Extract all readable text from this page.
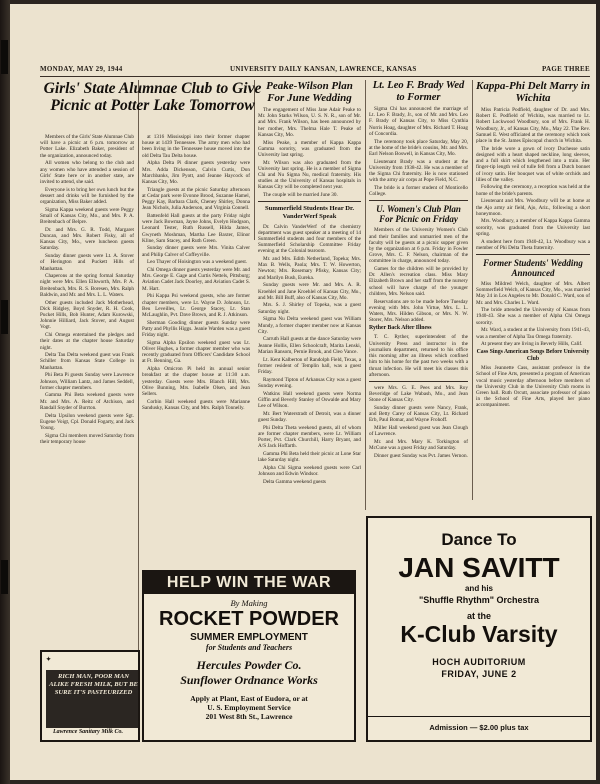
MONDAY, MAY 29, 1944	UNIVERSITY DAILY KANSAN, LAWRENCE, KANSAS	PAGE THREE
Girls' State Alumnae Club to Give Picnic at Potter Lake Tomorrow

Members of the Girls' State Alumnae Club will have a picnic at 6 p.m. tomorrow at Potter Lake. Elizabeth Baker, president of the organization, announced today.

All women who belong to the club and any women who have attended a session of Girls' State here or in another state, are invited to attend, she said.

Everyone is to bring her own lunch but the dessert and drinks will be furnished by the organization, Miss Baker added.

Sigma Kappa weekend guests were Peggy Small of Kansas City, Mo., and Mrs. P. A. Breitenbach of Belpre.

Dr. and Mrs. G. R. Todd, Margaret Duncan, and Mrs. Robert Fisky, all of Kansas City, Mo., were luncheon guests Saturday.

Sunday dinner guests were Lt. A. Stover of Herington and Puckett Hills of Manhattan.

Chaperons at the spring formal Saturday night were Mrs. Ellen Ellsworth, Mrs. P. A. Breitenbach, Mrs. R. S. Boresen, Mrs. Ralph Baldwin, and Mr. and Mrs. L. L. Waters.

Other guests included Jack Motherhead, Dick Ridgley, Boyd Snyder, R. H. Cook, Pucket Hills, Bob Hunter, Adam Kurowski, Johnnie Hilliard, Jack Stover, and August Vogt.

Chi Omega entertained the pledges and their dates at the chapter house Saturday night.

Delta Tau Delta weekend guest was Frank Schiller from Kansas State College in Manhattan.

Phi Beta Pi guests Sunday were Lawrence Johnson, William Lantz, and James Seddell, former chapter members.

Gamma Phi Beta weekend guests were Mr. and Mrs. A. Reitz of Atchison, and Randall Snyder of Burrton.

Delta Upsilon weekend guests were Sgt. Eugene Voigt, Cpl. Donald Fogarty, and Jack Young.

Sigma Chi members moved Saturday from their temporary house

at 1316 Mississippi into their former chapter house at 1439 Tennessee. The army men who had been living in the Tennessee house moved into the old Delta Tau Delta house.

Alpha Delta Pi dinner guests yesterday were Mrs. Adda Dickenson, Calvin Curtis, Don Marchbanks, Jim Pyott, and Jeanne Haycock of Kansas City, Mo.

Triangle guests at the picnic Saturday afternoon at Cedar park were Evonne Brood, Suzanne Hamel, Peggy Kay, Barbara Clark, Cheney Shirley, Donna Jean Nichols, Julia Anderson, and Virginia Connell.

Battenfeld Hall guests at the party Friday night were Jack Bowman, Jayne Johns, Evelyn Hodgson, Leonard Tester, Ruth Russell, Hilda James, Gwyneth Moshman, Martha Lee Baxter, Elinor Kline, Sam Stacey, and Ruth Green.

Sunday dinner guests were Mrs. Vinita Calver and Philip Calver of Coffeyville.

Leo Thayer of Hoisington was a weekend guest.

Chi Omega dinner guests yesterday were Mr. and Mrs. George E. Gage and Curtis Nettels, Pittsburg; Aviation Cadet Jack Doorley, and Aviation Cadet S. M. Hart.

Phi Kappa Psi weekend guests, who are former chapter members, were Lt. Wayne D. Johnson, Lt. Beu Leveilles, Lt. George Stacey, Lt. Stan McLaughlin, Pvt. Dave Brown, and R. J. Atkinson.

Sherman Gooding dinner guests Sunday were Patty and Phyllis Higgs. Jeanie Warden was a guest Friday night.

Sigma Alpha Epsilon weekend guest was Lt. Oliver Hughes, a former chapter member who was recently graduated from Officers' Candidate School at Ft. Benning, Ga.

Alpha Omicron Pi held its annual senior breakfast at the chapter house at 11:30 a.m. yesterday. Guests were Mrs. Blanch Hill, Mrs. Olive Bunning, Mrs. Isabelle Olsen, and Jean Sellers.

Corbin Hall weekend guests were Marianne Sandusky, Kansas City, and Mrs. Ralph Tonnelly.

Peake-Wilson Plan For June Wedding

The engagement of Miss Jane Adair Peake to Mr. John Starks Wilson, U. S. N. R., son of Mr. and Mrs. Frank Wilson, has been announced by her mother, Mrs. Thelma Hale T. Peake of Kansas City, Mo.

Miss Peake, a member of Kappa Kappa Gamma sorority, was graduated from the University last spring.

Mr. Wilson was also graduated from the University last spring. He is a member of Sigma Chi and Nu Sigma Nu, medical fraternity. His studies at the University of Kansas hospitals in Kansas City will be completed next year.

The couple will be married June 30.

Summerfield Students Hear Dr. VanderWerf Speak

Dr. Calvin VanderWerf of the chemistry department was guest speaker at a meeting of 14 Summerfield students and four members of the Summerfield Scholarship Committee Friday evening at the Colonial tearoom.

Mr. and Mrs. Edith Netherland, Topeka; Mrs. Max B. Wells, Paola; Mrs. T. W. Howerton, Newton; Mrs. Rosemary Pfisky, Kansas City; and Marilyn Bush, Eureka.

Sunday guests were Mr. and Mrs. A. R. Kroehlel and Jane Kroehlel of Kansas City, Mo., and Mr. Bill Buff, also of Kansas City, Mo.

Mrs. S. J. Shirley of Topeka, was a guest Saturday night.

Sigma Nu Delta weekend guest was William Mundy, a former chapter member now at Kansas City.

Carruth Hall guests at the dance Saturday were Jeanne Hollis, Ellen Schoolcraft, Marita Lenski, Marian Ransom, Pernie Brook, and Cleo Vance.

Lt. Kent Kalberton of Randolph Field, Texas, a former resident of Templin hall, was a guest Friday.

Raymond Tipton of Arkansas City was a guest Sunday evening.

Watkins Hall weekend guests were Norma Giffin and Beverly Stanley of Oswalde and Mary Lee of Wilson.

Mr. Bert Waterstradt of Detroit, was a dinner guest Sunday.

Phi Delta Theta weekend guests, all of whom are former chapter members, were Lt. William Porter, Pvt. Clark Churchill, Harry Bryant, and A/S Jack Hoffarth.

Gamma Phi Beta held their picnic at Lone Star lake Saturday night.

Alpha Chi Sigma weekend guests were Carl Johnson and Edwin Windsor.

Delta Gamma weekend guests

Lt. Leo F. Brady Wed to Former

Sigma Chi has announced the marriage of Lt. Leo F. Brady, Jr., son of Mr. and Mrs. Leo F. Brady of Kansas City, to Miss Cynthia Norris Hoag, daughter of Mrs. Richard T. Hoag of Concordia.

The ceremony took place Saturday, May 20, at the home of the bride's cousins, Mr. and Mrs. Earl Nelson Boswell, in Kansas City, Mo.

Lieutenant Brady was a student at the University from 1938-42. He was a member of the Sigma Chi fraternity. He is now stationed with the army air corps at Pope Field, N.C.

The bride is a former student of Monticello College.

U. Women's Club Plan For Picnic on Friday

Members of the University Women's Club and their families and unmarried men of the faculty will be guests at a picnic supper given by the organization at 6 p.m. Friday in Fowler Grove, Mrs. C. F. Nelson, chairman of the committee in charge, announced today.

Games for the children will be provided by Dr. Allen's recreation class. Miss Mary Elizabeth Brown and her staff from the nursery school will have charge of the younger children, Mrs. Nelson said.

Reservations are to be made before Tuesday evening with Mrs. John Virtue, Mrs. L. L. Waters, Mrs. Hilden Gibson, or Mrs. N. W. Storer, Mrs. Nelson added.

Ryther Back After Illness

T. C. Ryther, superintendent of the University Press and instructor in the journalism department, returned to his office this morning after an illness which confined him to his home for the past two weeks with a throat infection. He will meet his classes this afternoon.

were Mrs. G. E. Pees and Mrs. Roy Beveridge of Lake Wabash, Mo., and Jean Stone of Kansas City.

Sunday dinner guests were Nancy, Frank, and Betty Carey of Kansas City, Lt. Richard Erb, Paul Bomar, and Wayne Frohoff.

Miller Hall weekend guest was Jean Clough of Lawrence.

Mr. and Mrs. Mary K. Torkington of McCune was a guest Friday and Saturday.

Dinner guest Sunday was Pvt. James Vernon.

Kappa-Phi Delt Marry in Wichita

Miss Patricia Podfield, daughter of Dr. and Mrs. Robert E. Podfield of Wichita, was married to Lt. Robert Lockwood Woodbury, son of Mrs. Frank H. Woodbury, Jr., of Kansas City, Mo., May 22. The Rev. Samuel E. West officiated at the ceremony which took place in the St. James Episcopal church in Wichita.

The bride wore a gown of ivory Duchesse satin designed with a heart shaped neckline, long sleeves, and a full skirt which lengthened into a train. Her finger-tip length veil of tulle fell from a Dutch bonnet of ivory satin. Her bouquet was of white orchids and lilies of the valley.

Following the ceremony, a reception was held at the home of the bride's parents.

Lieutenant and Mrs. Woodbury will be at home at the Ajo army air field, Ajo, Ariz., following a short honeymoon.

Mrs. Woodbury, a member of Kappa Kappa Gamma sorority, was graduated from the University last spring.

A student here from 1940-42, Lt. Woodbury was a member of Phi Delta Theta fraternity.

Former Students' Wedding Announced

Miss Mildred Welch, daughter of Mrs. Albert Sommerfield Welch, of Kansas City, Mo., was married May 24 in Los Angeles to Mr. Donald C. Ward, son of Mr. and Mrs. Charles L. Ward.

The bride attended the University of Kansas from 1940-43. She was a member of Alpha Chi Omega sorority.

Mr. Ward, a student at the University from 1941-43, was a member of Alpha Tau Omega fraternity.

At present they are living in Beverly Hills, Calif.

Cass Sings American Songs Before University Club

Miss Jeannette Cass, assistant professor in the School of Fine Arts, presented a program of American vocal music yesterday afternoon before members of the University Club in the University Club rooms in Green hall. Ruth Orcutt, associate professor of piano in the School of Fine Arts, played her piano accompaniment.

RICH MAN, POOR MAN ALIKE FRESH MILK, BUT BE SURE IT'S PASTEURIZED
✦
Lawrence Sanitary Milk Co.
HELP WIN THE WAR
By Making
ROCKET POWDER
SUMMER EMPLOYMENT
for Students and Teachers
Hercules Powder Co.
Sunflower Ordnance Works
Apply at Plant, East of Eudora, or at
U. S. Employment Service
201 West 8th St., Lawrence
Dance To
JAN SAVITT
and his
"Shuffle Rhythm" Orchestra
at the
K-Club Varsity
HOCH AUDITORIUM
FRIDAY, JUNE 2
Admission — $2.00 plus tax
